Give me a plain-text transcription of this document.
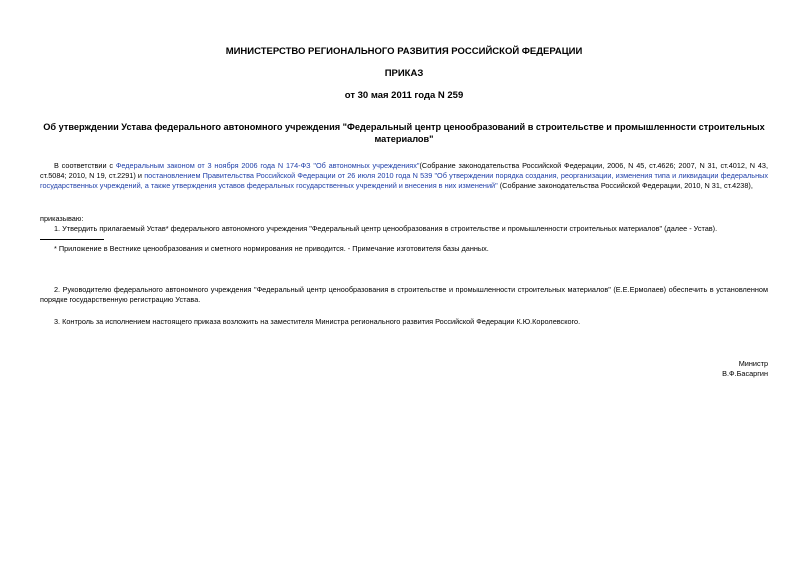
МИНИСТЕРСТВО РЕГИОНАЛЬНОГО РАЗВИТИЯ РОССИЙСКОЙ ФЕДЕРАЦИИ
ПРИКАЗ
от 30 мая 2011 года N 259
Об утверждении Устава федерального автономного учреждения "Федеральный центр ценообразований в строительстве и промышленности строительных материалов"
В соответствии с Федеральным законом от 3 ноября 2006 года N 174-ФЗ "Об автономных учреждениях"(Собрание законодательства Российской Федерации, 2006, N 45, ст.4626; 2007, N 31, ст.4012, N 43, ст.5084; 2010, N 19, ст.2291) и постановлением Правительства Российской Федерации от 26 июля 2010 года N 539 "Об утверждении порядка создания, реорганизации, изменения типа и ликвидации федеральных государственных учреждений, а также утверждения уставов федеральных государственных учреждений и внесения в них изменений" (Собрание законодательства Российской Федерации, 2010, N 31, ст.4238),
приказываю:
1. Утвердить прилагаемый Устав* федерального автономного учреждения "Федеральный центр ценообразования в строительстве и промышленности строительных материалов" (далее - Устав).
* Приложение в Вестнике ценообразования и сметного нормирования не приводится. - Примечание изготовителя базы данных.
2. Руководителю федерального автономного учреждения "Федеральный центр ценообразования в строительстве и промышленности строительных материалов" (Е.Е.Ермолаев) обеспечить в установленном порядке государственную регистрацию Устава.
3. Контроль за исполнением настоящего приказа возложить на заместителя Министра регионального развития Российской Федерации К.Ю.Королевского.
Министр
В.Ф.Басаргин
